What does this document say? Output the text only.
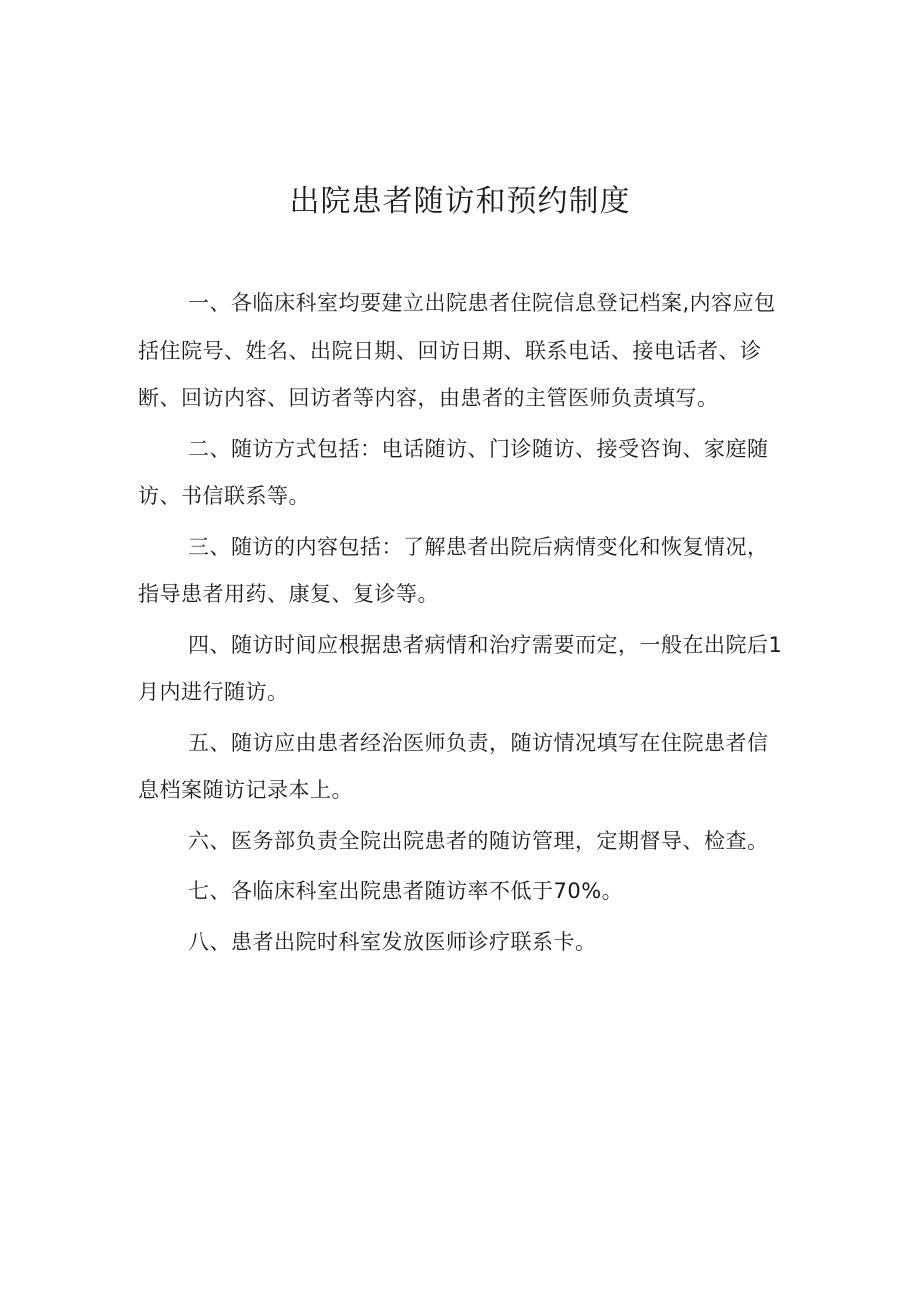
出院患者随访和预约制度

一、各临床科室均要建立出院患者住院信息登记档案,内容应包括住院号、姓名、出院日期、回访日期、联系电话、接电话者、诊断、回访内容、回访者等内容，由患者的主管医师负责填写。

二、随访方式包括：电话随访、门诊随访、接受咨询、家庭随访、书信联系等。

三、随访的内容包括：了解患者出院后病情变化和恢复情况，指导患者用药、康复、复诊等。

四、随访时间应根据患者病情和治疗需要而定，一般在出院后1月内进行随访。

五、随访应由患者经治医师负责，随访情况填写在住院患者信息档案随访记录本上。

六、医务部负责全院出院患者的随访管理，定期督导、检查。

七、各临床科室出院患者随访率不低于70%。

八、患者出院时科室发放医师诊疗联系卡。
